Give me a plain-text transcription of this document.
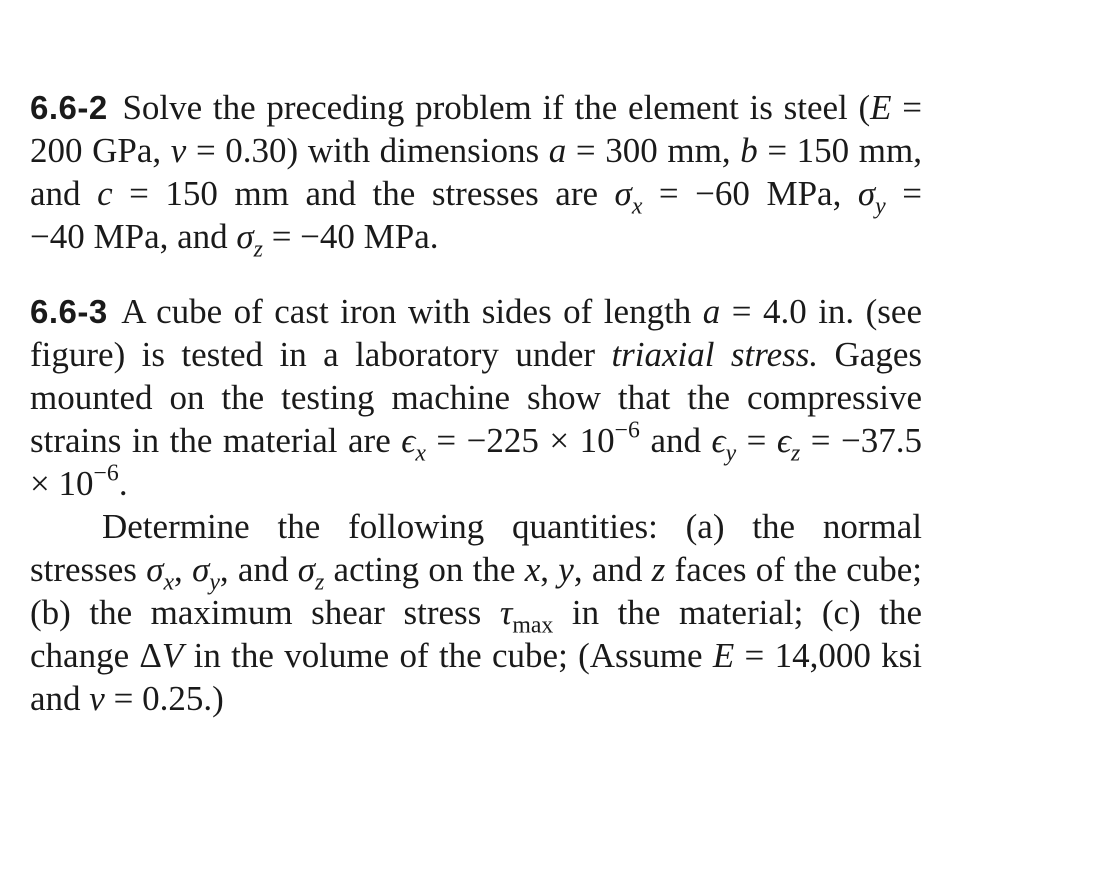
6.6-2 Solve the preceding problem if the element is steel (E = 200 GPa, ν = 0.30) with dimensions a = 300 mm, b = 150 mm, and c = 150 mm and the stresses are $\sigma_x = -60$ MPa, $\sigma_y = -40$ MPa, and $\sigma_z = -40$ MPa.

6.6-3 A cube of cast iron with sides of length a = 4.0 in. (see figure) is tested in a laboratory under triaxial stress. Gages mounted on the testing machine show that the compressive strains in the material are $\epsilon_x = -225 \times 10^{-6}$ and $\epsilon_y = \epsilon_z = -37.5 \times 10^{-6}$.
Determine the following quantities: (a) the normal stresses $\sigma_x$, $\sigma_y$, and $\sigma_z$ acting on the x, y, and z faces of the cube; (b) the maximum shear stress $\tau_{max}$ in the material; (c) the change ΔV in the volume of the cube; (Assume E = 14,000 ksi and ν = 0.25.)
